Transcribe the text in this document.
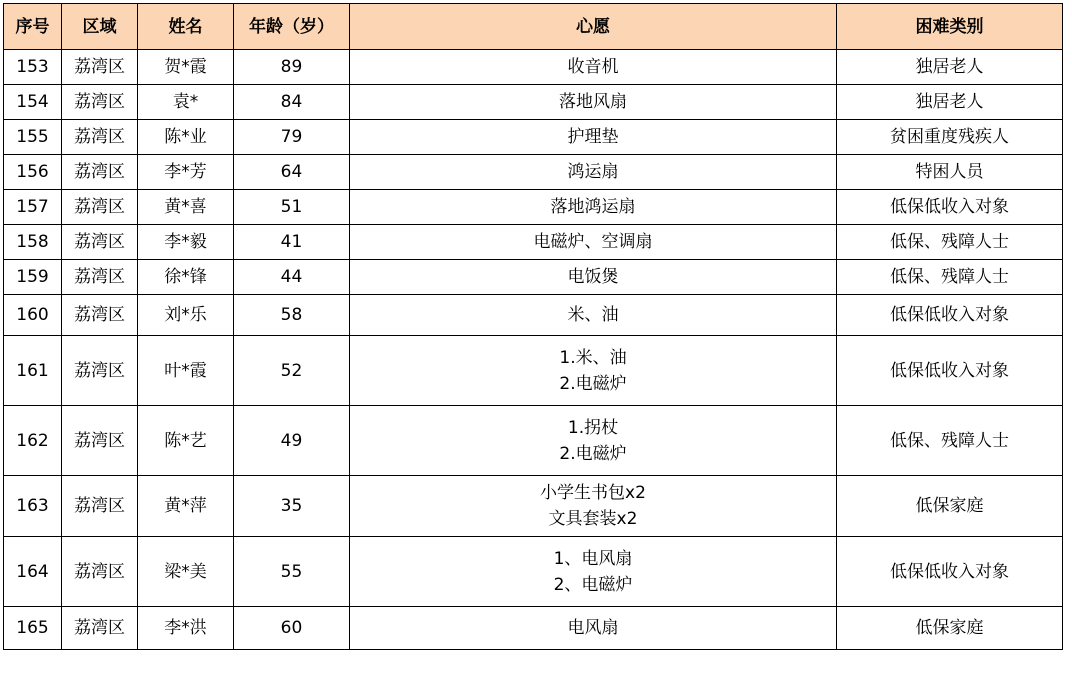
序号	区域	姓名	年龄（岁）	心愿	困难类别
153	荔湾区	贺*霞	89	收音机	独居老人
154	荔湾区	袁*	84	落地风扇	独居老人
155	荔湾区	陈*业	79	护理垫	贫困重度残疾人
156	荔湾区	李*芳	64	鸿运扇	特困人员
157	荔湾区	黄*喜	51	落地鸿运扇	低保低收入对象
158	荔湾区	李*毅	41	电磁炉、空调扇	低保、残障人士
159	荔湾区	徐*锋	44	电饭煲	低保、残障人士
160	荔湾区	刘*乐	58	米、油	低保低收入对象
161	荔湾区	叶*霞	52	1.米、油
2.电磁炉	低保低收入对象
162	荔湾区	陈*艺	49	1.拐杖
2.电磁炉	低保、残障人士
163	荔湾区	黄*萍	35	小学生书包x2
文具套装x2	低保家庭
164	荔湾区	梁*美	55	1、电风扇
2、电磁炉	低保低收入对象
165	荔湾区	李*洪	60	电风扇	低保家庭
